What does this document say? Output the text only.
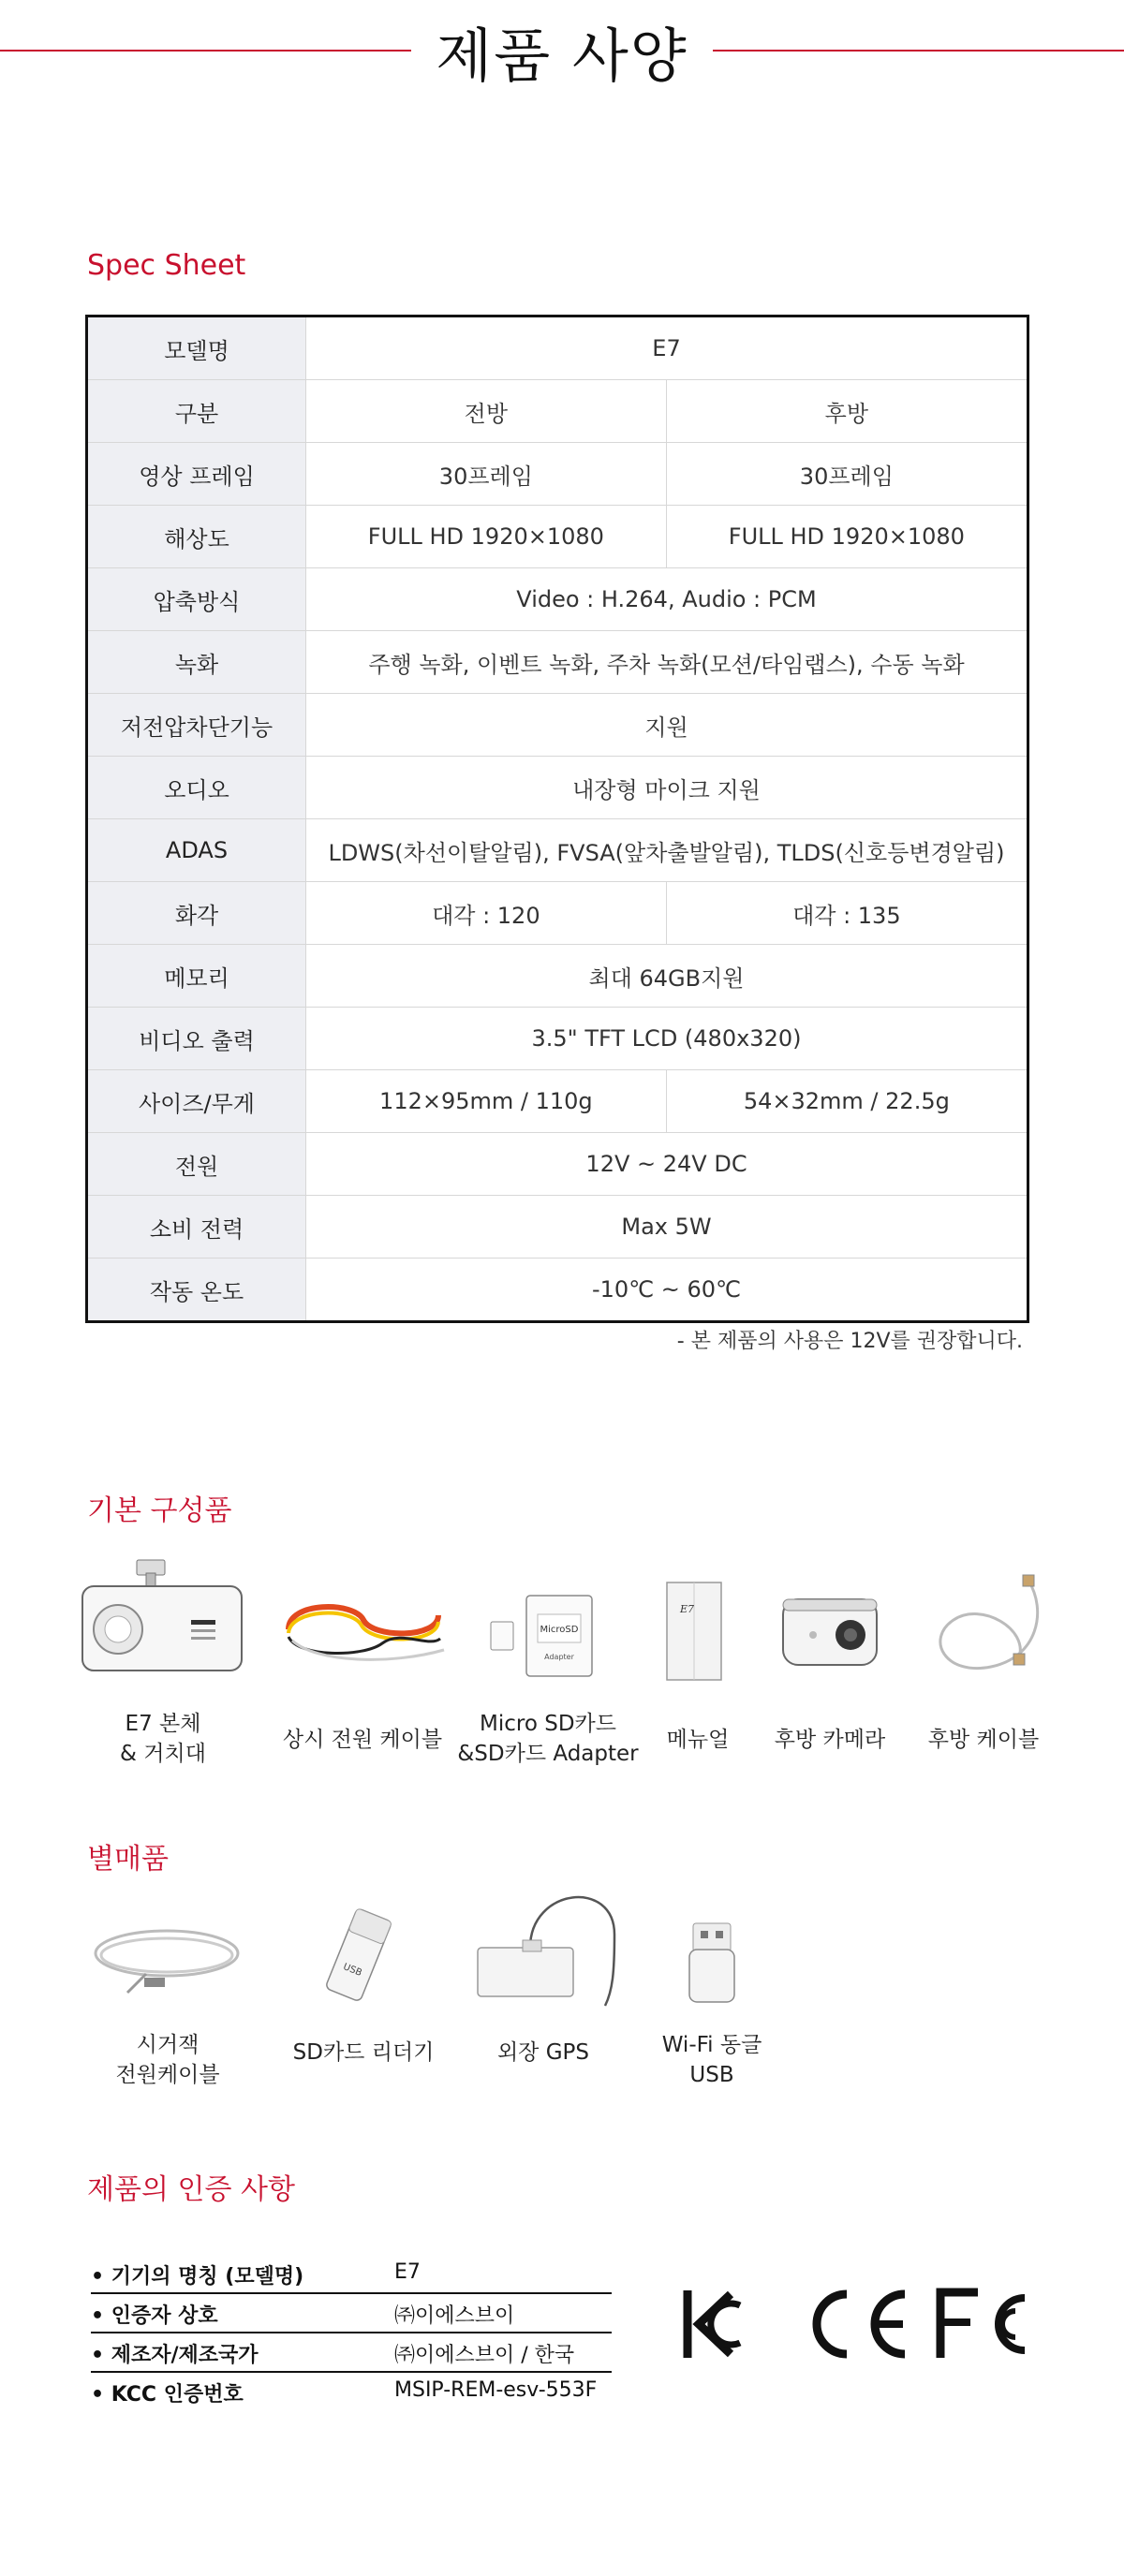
제품 사양
Spec Sheet
모델명	E7	
구분	전방	후방
영상 프레임	30프레임	30프레임
해상도	FULL HD 1920×1080	FULL HD 1920×1080
압축방식	Video : H.264, Audio : PCM	
녹화	주행 녹화, 이벤트 녹화, 주차 녹화(모션/타임랩스), 수동 녹화	
저전압차단기능	지원	
오디오	내장형 마이크 지원	
ADAS	LDWS(차선이탈알림), FVSA(앞차출발알림), TLDS(신호등변경알림)	
화각	대각 : 120	대각 : 135
메모리	최대 64GB지원	
비디오 출력	3.5" TFT LCD (480x320)	
사이즈/무게	112×95mm / 110g	54×32mm / 22.5g
전원	12V ~ 24V DC	
소비 전력	Max 5W	
작동 온도	-10℃ ~ 60℃	
- 본 제품의 사용은 12V를 권장합니다.
기본 구성품
MicroSD
Adapter
E7
E7 본체
& 거치대
상시 전원 케이블
Micro SD카드
&SD카드 Adapter
메뉴얼	후방 카메라	후방 케이블
별매품
USB
시거잭
전원케이블
SD카드 리더기	외장 GPS	Wi-Fi 동글
USB
제품의 인증 사항
• 기기의 명칭 (모델명)	E7
• 인증자 상호	㈜이에스브이
• 제조자/제조국가	㈜이에스브이 / 한국
• KCC 인증번호	MSIP-REM-esv-553F
